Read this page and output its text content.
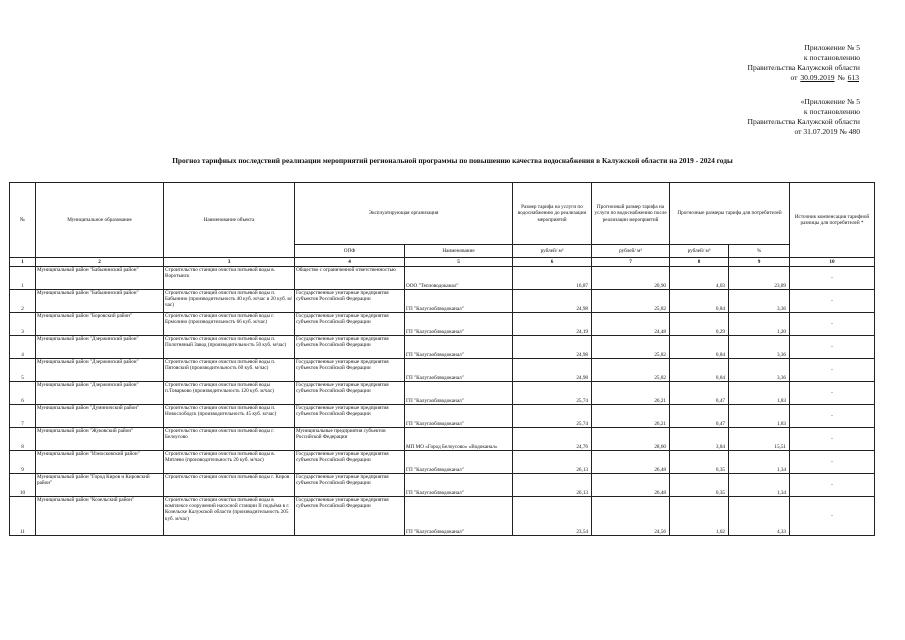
Приложение № 5
к постановлению
Правительства Калужской области
от 30.09.2019 № 613
«Приложение № 5
к постановлению
Правительства Калужской области
от 31.07.2019 № 480
Прогноз тарифных последствий реализации мероприятий региональной программы по повышению качества водоснабжения в Калужской области на 2019 - 2024 годы
№	Муниципальное образование	Наименование объекта	Эксплуатирующая организация		Размер тарифа на услуги по водоснабжению до реализации мероприятий	Прогнозный размер тарифа на услуги по водоснабжению после реализации мероприятий	Прогнозные размеры тарифа для потребителей		Источник компенсации тарифной разницы для потребителей *
			ОПФ	Наименование	рублей/ м³	рублей/ м³	рублей/ м³	%	
1	2	3	4	5	6	7	8	9	10
1	Муниципальный район "Бабынинский район"	Строительство станции очистки питьевой воды в. Воротынск	Общество с ограниченной ответственностью	ООО "Тепловодоканал"	16,87	20,90	4,03	23,89	-
2	Муниципальный район "Бабынинский район"	Строительство станций очистки питьевой воды п. Бабынино (производительность 40 куб. м/час и 20 куб. м/час)	Государственные унитарные предприятия субъектов Российской Федерации	ГП "Калугаоблводоканал"	24,98	25,82	0,84	3,36	-
3	Муниципальный район "Боровский район"	Строительство станции очистки питьевой воды г. Ермолино (производительность 66 куб. м/час)	Государственные унитарные предприятия субъектов Российской Федерации	ГП "Калугаоблводоканал"	24,19	24,48	0,29	1,20	-
4	Муниципальный район "Дзержинский район"	Строительство станции очистки питьевой воды п. Полотняный Завод (производительность 50 куб. м/час)	Государственные унитарные предприятия субъектов Российской Федерации	ГП "Калугаоблводоканал"	24,98	25,82	0,84	3,36	-
5	Муниципальный район "Дзержинский район"	Строительство станции очистки питьевой воды п. Пятовский (производительность 60 куб. м/час)	Государственные унитарные предприятия субъектов Российской Федерации	ГП "Калугаоблводоканал"	24,98	25,82	0,84	3,36	-
6	Муниципальный район "Дзержинский район"	Строительство станции очистки питьевой воды п.Товарково (производительность 120 куб. м/час)	Государственные унитарные предприятия субъектов Российской Федерации	ГП "Калугаоблводоканал"	25,74	26,21	0,47	1,83	-
7	Муниципальный район "Думиничский район"	Строительство станции очистки питьевой воды п. Новослободск (производительность 45 куб. м/час)	Государственные унитарные предприятия субъектов Российской Федерации	ГП "Калугаоблводоканал"	25,74	26,21	0,47	1,83	-
8	Муниципальный район "Жуковский район"	Строительство станции очистки питьевой воды г. Белоусово	Муниципальные предприятия субъектов Российской Федерации	МП МО «Город Белоусово» «Водоканал»	24,76	28,60	3,84	15,51	-
9	Муниципальный район "Износковский район"	Строительство станции очистки питьевой воды в. Мятлево (производительность 20 куб. м/час)	Государственные унитарные предприятия субъектов Российской Федерации	ГП "Калугаоблводоканал"	26,13	26,48	0,35	1,34	-
10	Муниципальный район "Город Киров и Кировский район"	Строительство станции очистки питьевой воды г. Киров	Государственные унитарные предприятия субъектов Российской Федерации	ГП "Калугаоблводоканал"	26,13	26,48	0,35	1,34	-
11	Муниципальный район "Козельский район"	Строительство станции очистки питьевой воды в комплексе сооружений насосной станции II подъёма в г. Козельске Калужской области (производительность 205 куб. м/час)	Государственные унитарные предприятия субъектов Российской Федерации	ГП "Калугаоблводоканал"	23,54	24,56	1,02	4,33	-
